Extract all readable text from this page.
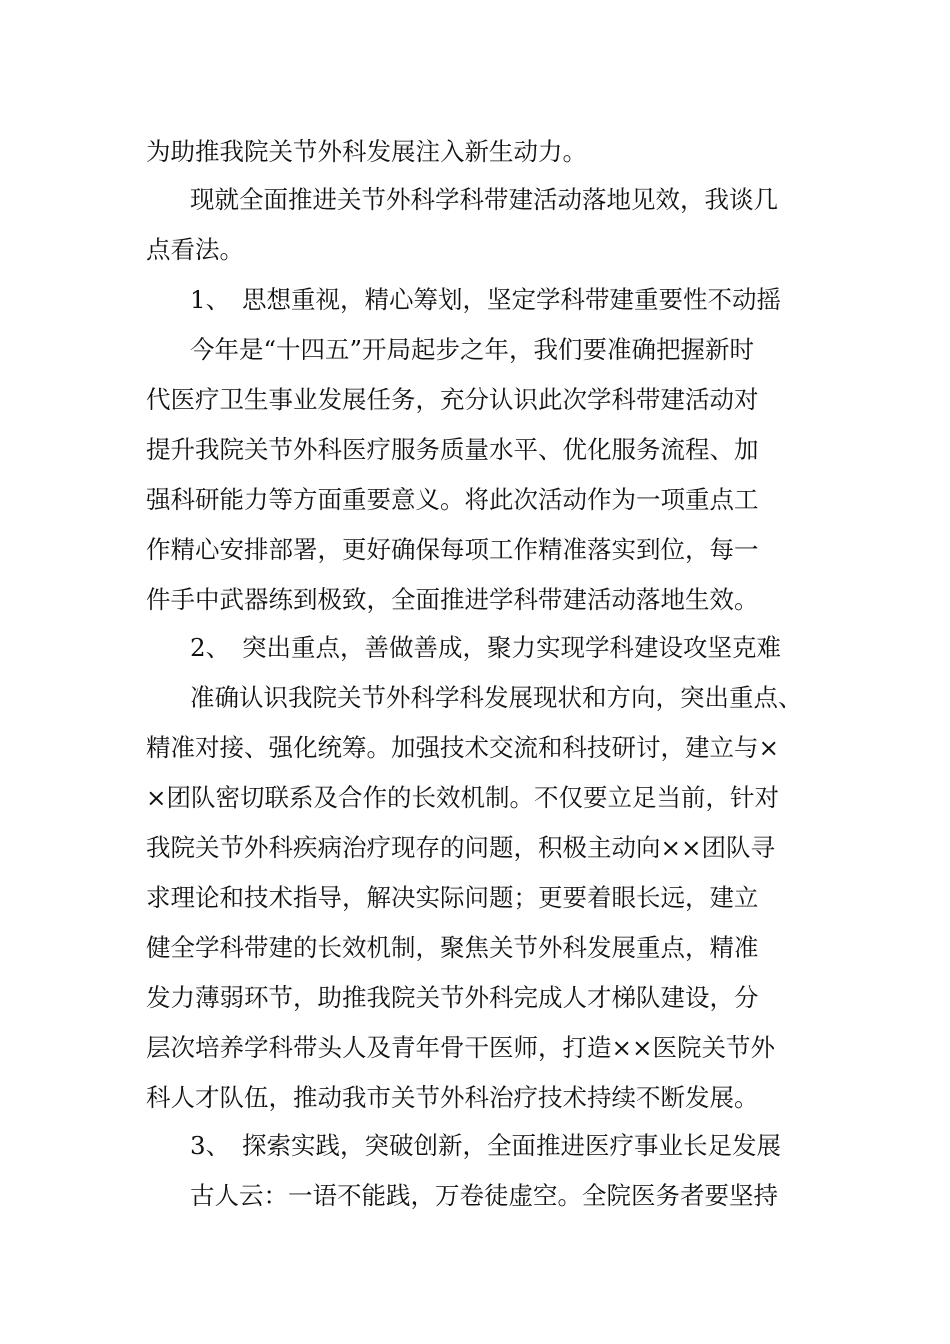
为助推我院关节外科发展注入新生动力。
现就全面推进关节外科学科带建活动落地见效，我谈几
点看法。
1、 思想重视，精心筹划，坚定学科带建重要性不动摇
今年是“十四五”开局起步之年，我们要准确把握新时
代医疗卫生事业发展任务，充分认识此次学科带建活动对
提升我院关节外科医疗服务质量水平、优化服务流程、加
强科研能力等方面重要意义。将此次活动作为一项重点工
作精心安排部署，更好确保每项工作精准落实到位，每一
件手中武器练到极致，全面推进学科带建活动落地生效。
2、 突出重点，善做善成，聚力实现学科建设攻坚克难
准确认识我院关节外科学科发展现状和方向，突出重点、
精准对接、强化统筹。加强技术交流和科技研讨，建立与×
×团队密切联系及合作的长效机制。不仅要立足当前，针对
我院关节外科疾病治疗现存的问题，积极主动向××团队寻
求理论和技术指导，解决实际问题；更要着眼长远，建立
健全学科带建的长效机制，聚焦关节外科发展重点，精准
发力薄弱环节，助推我院关节外科完成人才梯队建设，分
层次培养学科带头人及青年骨干医师，打造××医院关节外
科人才队伍，推动我市关节外科治疗技术持续不断发展。
3、 探索实践，突破创新，全面推进医疗事业长足发展
古人云：一语不能践，万卷徒虚空。全院医务者要坚持
